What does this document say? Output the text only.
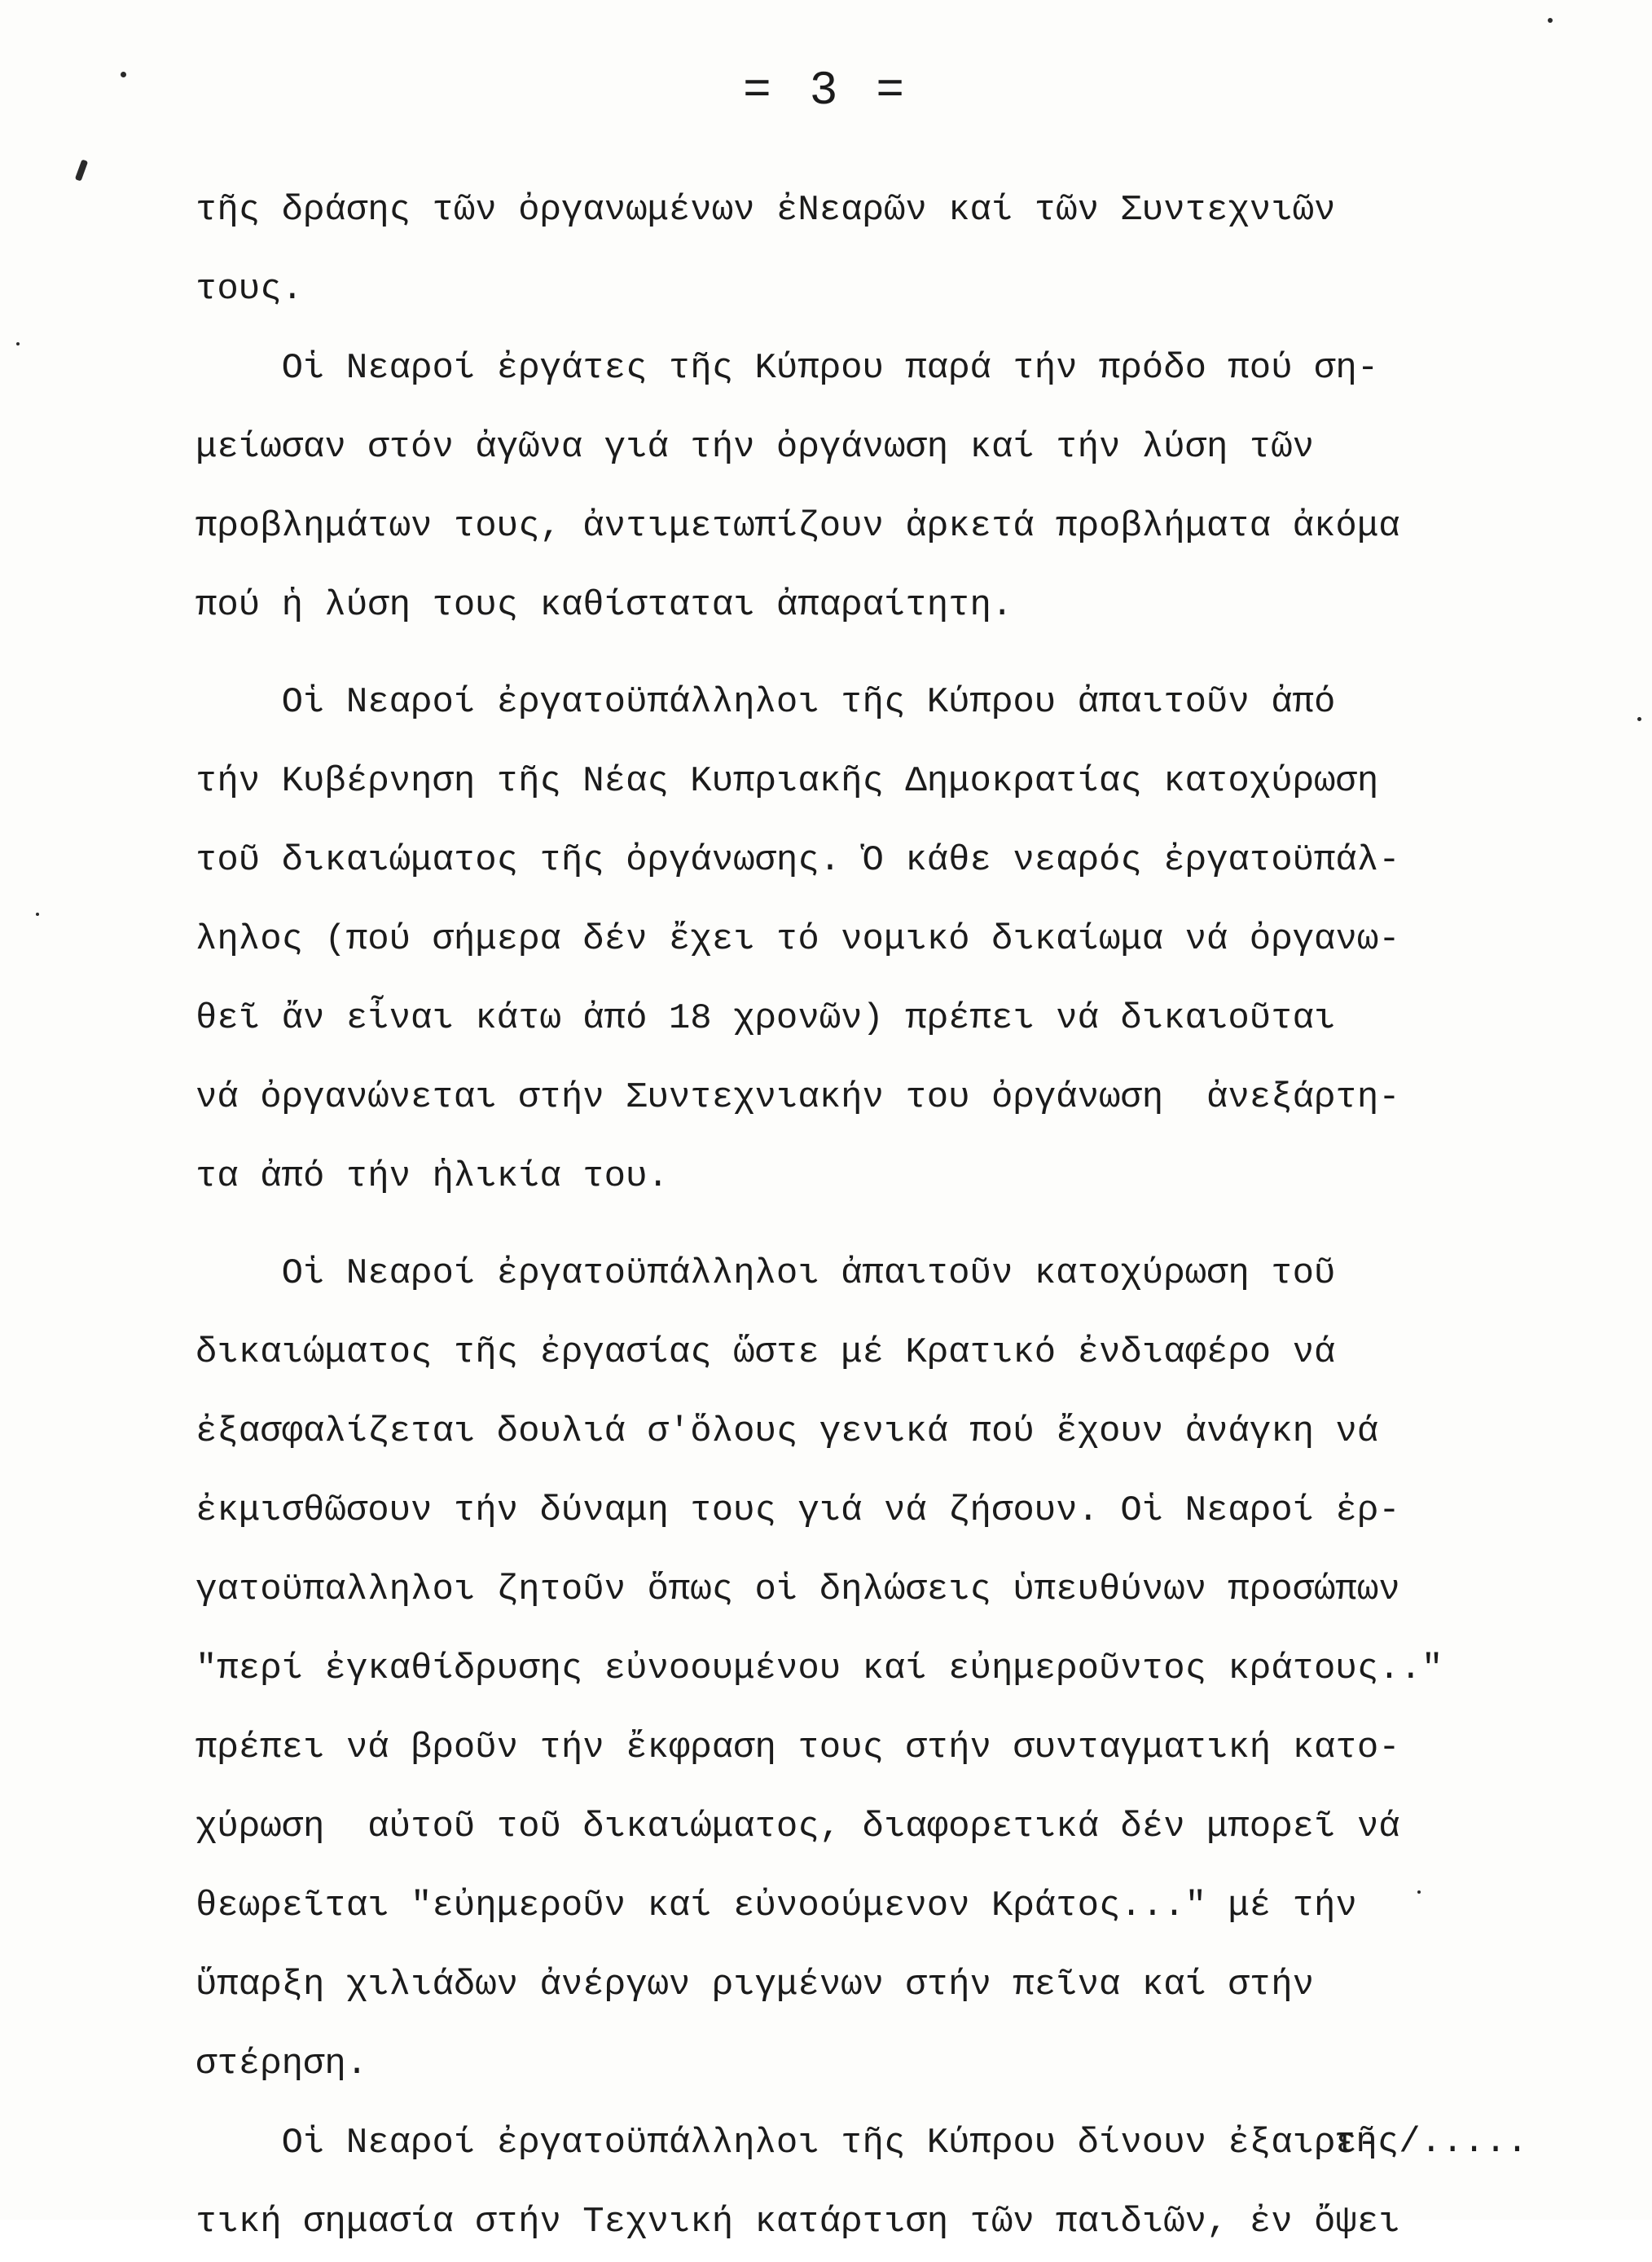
= 3 =
τῆς δράσης τῶν ὀργανωμένων ἐΝεαρῶν καί τῶν Συντεχνιῶν
τους.
Οἱ Νεαροί ἐργάτες τῆς Κύπρου παρά τήν πρόδο πού ση-
μείωσαν στόν ἀγῶνα γιά τήν ὀργάνωση καί τήν λύση τῶν
προβλημάτων τους, ἀντιμετωπίζουν ἀρκετά προβλήματα ἀκόμα
πού ἡ λύση τους καθίσταται ἀπαραίτητη.
Οἱ Νεαροί ἐργατοϋπάλληλοι τῆς Κύπρου ἀπαιτοῦν ἀπό
τήν Κυβέρνηση τῆς Νέας Κυπριακῆς Δημοκρατίας κατοχύρωση
τοῦ δικαιώματος τῆς ὀργάνωσης. Ὁ κάθε νεαρός ἐργατοϋπάλ-
ληλος (πού σήμερα δέν ἔχει τό νομικό δικαίωμα νά ὀργανω-
θεῖ ἄν εἶναι κάτω ἀπό 18 χρονῶν) πρέπει νά δικαιοῦται
νά ὀργανώνεται στήν Συντεχνιακήν του ὀργάνωση  ἀνεξάρτη-
τα ἀπό τήν ἡλικία του.
Οἱ Νεαροί ἐργατοϋπάλληλοι ἀπαιτοῦν κατοχύρωση τοῦ
δικαιώματος τῆς ἐργασίας ὥστε μέ Κρατικό ἐνδιαφέρο νά
ἐξασφαλίζεται δουλιά σ'ὅλους γενικά πού ἔχουν ἀνάγκη νά
ἐκμισθῶσουν τήν δύναμη τους γιά νά ζήσουν. Οἱ Νεαροί ἐρ-
γατοϋπαλληλοι ζητοῦν ὅπως οἱ δηλώσεις ὑπευθύνων προσώπων
"περί ἐγκαθίδρυσης εὐνοουμένου καί εὐημεροῦντος κράτους.."
πρέπει νά βροῦν τήν ἔκφραση τους στήν συνταγματική κατο-
χύρωση  αὐτοῦ τοῦ δικαιώματος, διαφορετικά δέν μπορεῖ νά
θεωρεῖται "εὐημεροῦν καί εὐνοούμενον Κράτος..." μέ τήν
ὕπαρξη χιλιάδων ἀνέργων ριγμένων στήν πεῖνα καί στήν
στέρηση.
Οἱ Νεαροί ἐργατοϋπάλληλοι τῆς Κύπρου δίνουν ἐξαιρε-
τική σημασία στήν Τεχνική κατάρτιση τῶν παιδιῶν, ἐν ὄψει
τῆς/.....
